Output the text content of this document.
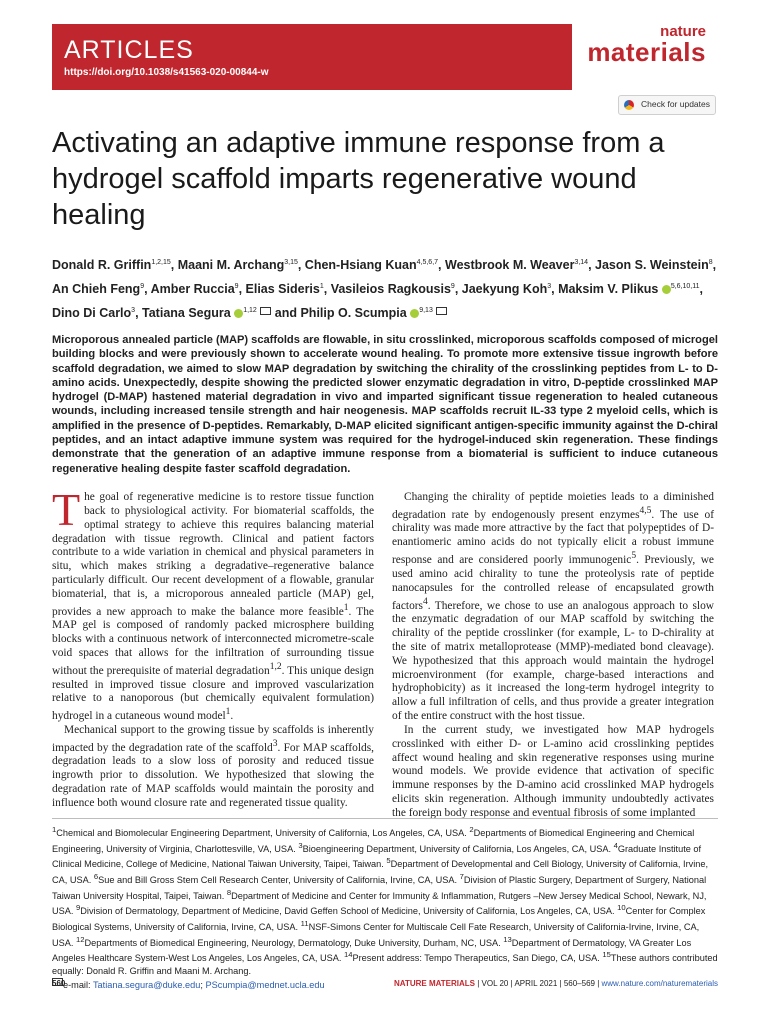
ARTICLES
https://doi.org/10.1038/s41563-020-00844-w
nature
materials
Check for updates
Activating an adaptive immune response from a hydrogel scaffold imparts regenerative wound healing
Donald R. Griffin$^{1,2,15}$, Maani M. Archang$^{3,15}$, Chen-Hsiang Kuan$^{4,5,6,7}$, Westbrook M. Weaver$^{3,14}$, Jason S. Weinstein$^8$, An Chieh Feng$^9$, Amber Ruccia$^9$, Elias Sideris$^1$, Vasileios Ragkousis$^9$, Jaekyung Koh$^3$, Maksim V. Plikus $^{5,6,10,11}$, Dino Di Carlo$^3$, Tatiana Segura $^{1,12}$  and Philip O. Scumpia $^{9,13}$

Microporous annealed particle (MAP) scaffolds are flowable, in situ crosslinked, microporous scaffolds composed of microgel building blocks and were previously shown to accelerate wound healing. To promote more extensive tissue ingrowth before scaffold degradation, we aimed to slow MAP degradation by switching the chirality of the crosslinking peptides from L- to D-amino acids. Unexpectedly, despite showing the predicted slower enzymatic degradation in vitro, D-peptide crosslinked MAP hydrogel (D-MAP) hastened material degradation in vivo and imparted significant tissue regeneration to healed cutaneous wounds, including increased tensile strength and hair neogenesis. MAP scaffolds recruit IL-33 type 2 myeloid cells, which is amplified in the presence of D-peptides. Remarkably, D-MAP elicited significant antigen-specific immunity against the D-chiral peptides, and an intact adaptive immune system was required for the hydrogel-induced skin regeneration. These findings demonstrate that the generation of an adaptive immune response from a biomaterial is sufficient to induce cutaneous regenerative healing despite faster scaffold degradation.

The goal of regenerative medicine is to restore tissue function back to physiological activity. For biomaterial scaffolds, the optimal strategy to achieve this requires balancing material degradation with tissue regrowth. Clinical and patient factors contribute to a wide variation in chemical and physical parameters in situ, which makes striking a degradative–regenerative balance particularly difficult. Our recent development of a flowable, granular biomaterial, that is, a microporous annealed particle (MAP) gel, provides a new approach to make the balance more feasible$^1$. The MAP gel is composed of randomly packed microsphere building blocks with a continuous network of interconnected micrometre-scale void spaces that allows for the infiltration of surrounding tissue without the prerequisite of material degradation$^{1,2}$. This unique design resulted in improved tissue closure and improved vascularization relative to a nanoporous (but chemically equivalent formulation) hydrogel in a cutaneous wound model$^1$.

Mechanical support to the growing tissue by scaffolds is inherently impacted by the degradation rate of the scaffold$^3$. For MAP scaffolds, degradation leads to a slow loss of porosity and reduced tissue ingrowth prior to dissolution. We hypothesized that slowing the degradation rate of MAP scaffolds would maintain the porosity and influence both wound closure rate and regenerated tissue quality.

Changing the chirality of peptide moieties leads to a diminished degradation rate by endogenously present enzymes$^{4,5}$. The use of chirality was made more attractive by the fact that polypeptides of D-enantiomeric amino acids do not typically elicit a robust immune response and are considered poorly immunogenic$^5$. Previously, we used amino acid chirality to tune the proteolysis rate of peptide nanocapsules for the controlled release of encapsulated growth factors$^4$. Therefore, we chose to use an analogous approach to slow the enzymatic degradation of our MAP scaffold by switching the chirality of the peptide crosslinker (for example, L- to D-chirality at the site of matrix metalloprotease (MMP)-mediated bond cleavage). We hypothesized that this approach would maintain the hydrogel microenvironment (for example, charge-based interactions and hydrophobicity) as it increased the long-term hydrogel integrity to allow a full infiltration of cells, and thus provide a greater integration of the entire construct with the host tissue.

In the current study, we investigated how MAP hydrogels crosslinked with either D- or L-amino acid crosslinking peptides affect wound healing and skin regenerative responses using murine wound models. We provide evidence that activation of specific immune responses by the D-amino acid crosslinked MAP hydrogels elicits skin regeneration. Although immunity undoubtedly activates the foreign body response and eventual fibrosis of some implanted

$^1$Chemical and Biomolecular Engineering Department, University of California, Los Angeles, CA, USA. $^2$Departments of Biomedical Engineering and Chemical Engineering, University of Virginia, Charlottesville, VA, USA. $^3$Bioengineering Department, University of California, Los Angeles, CA, USA. $^4$Graduate Institute of Clinical Medicine, College of Medicine, National Taiwan University, Taipei, Taiwan. $^5$Department of Developmental and Cell Biology, University of California, Irvine, CA, USA. $^6$Sue and Bill Gross Stem Cell Research Center, University of California, Irvine, CA, USA. $^7$Division of Plastic Surgery, Department of Surgery, National Taiwan University Hospital, Taipei, Taiwan. $^8$Department of Medicine and Center for Immunity & Inflammation, Rutgers –New Jersey Medical School, Newark, NJ, USA. $^9$Division of Dermatology, Department of Medicine, David Geffen School of Medicine, University of California, Los Angeles, CA, USA. $^{10}$Center for Complex Biological Systems, University of California, Irvine, CA, USA. $^{11}$NSF-Simons Center for Multiscale Cell Fate Research, University of California-Irvine, Irvine, CA, USA. $^{12}$Departments of Biomedical Engineering, Neurology, Dermatology, Duke University, Durham, NC, USA. $^{13}$Department of Dermatology, VA Greater Los Angeles Healthcare System-West Los Angeles, Los Angeles, CA, USA. $^{14}$Present address: Tempo Therapeutics, San Diego, CA, USA. $^{15}$These authors contributed equally: Donald R. Griffin and Maani M. Archang.
e-mail: Tatiana.segura@duke.edu; PScumpia@mednet.ucla.edu

560	NATURE MATERIALS | VOL 20 | APRIL 2021 | 560–569 | www.nature.com/naturematerials
